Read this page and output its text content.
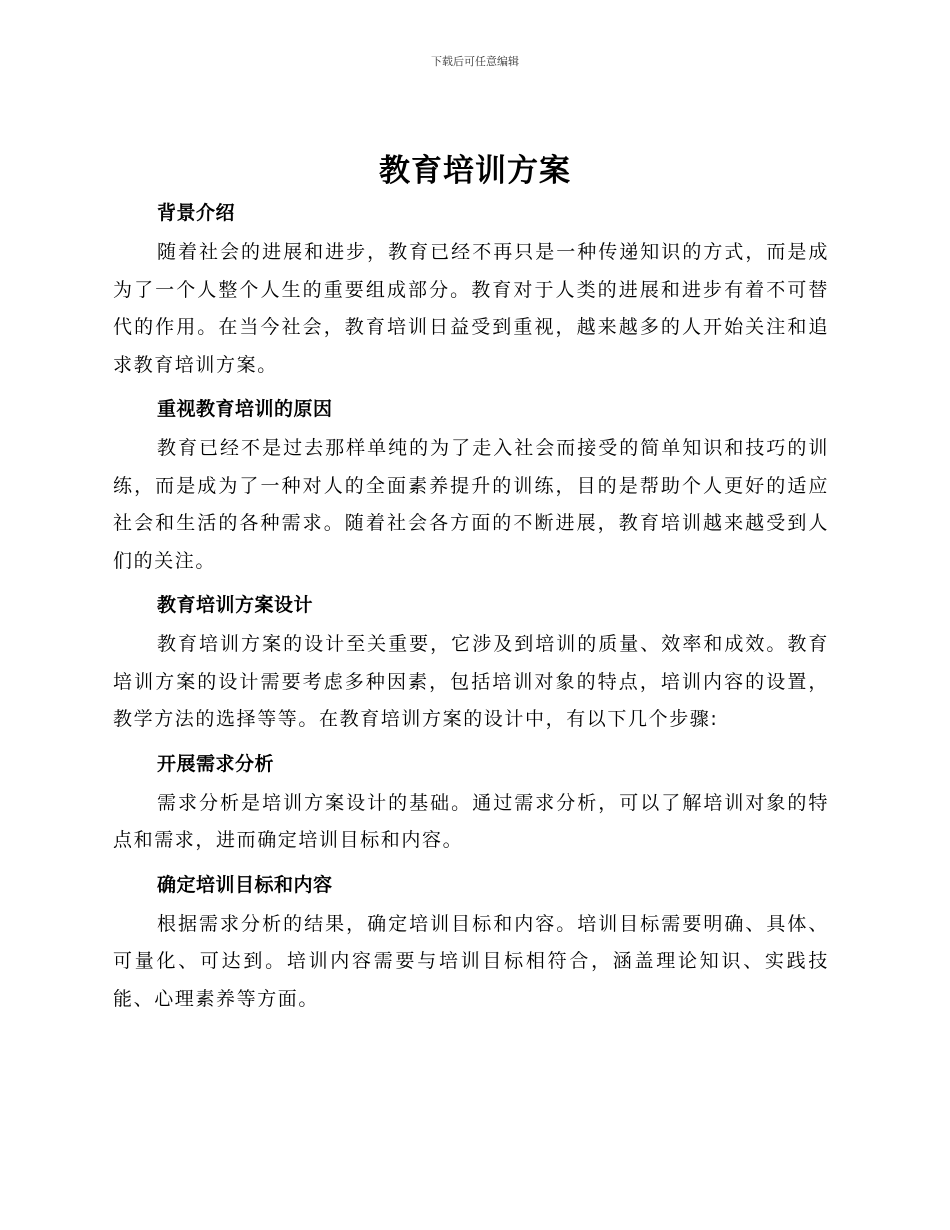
下载后可任意编辑
教育培训方案
背景介绍

随着社会的进展和进步，教育已经不再只是一种传递知识的方式，而是成为了一个人整个人生的重要组成部分。教育对于人类的进展和进步有着不可替代的作用。在当今社会，教育培训日益受到重视，越来越多的人开始关注和追求教育培训方案。

重视教育培训的原因

教育已经不是过去那样单纯的为了走入社会而接受的简单知识和技巧的训练，而是成为了一种对人的全面素养提升的训练，目的是帮助个人更好的适应社会和生活的各种需求。随着社会各方面的不断进展，教育培训越来越受到人们的关注。

教育培训方案设计

教育培训方案的设计至关重要，它涉及到培训的质量、效率和成效。教育培训方案的设计需要考虑多种因素，包括培训对象的特点，培训内容的设置，教学方法的选择等等。在教育培训方案的设计中，有以下几个步骤:

开展需求分析

需求分析是培训方案设计的基础。通过需求分析，可以了解培训对象的特点和需求，进而确定培训目标和内容。

确定培训目标和内容

根据需求分析的结果，确定培训目标和内容。培训目标需要明确、具体、可量化、可达到。培训内容需要与培训目标相符合，涵盖理论知识、实践技能、心理素养等方面。
